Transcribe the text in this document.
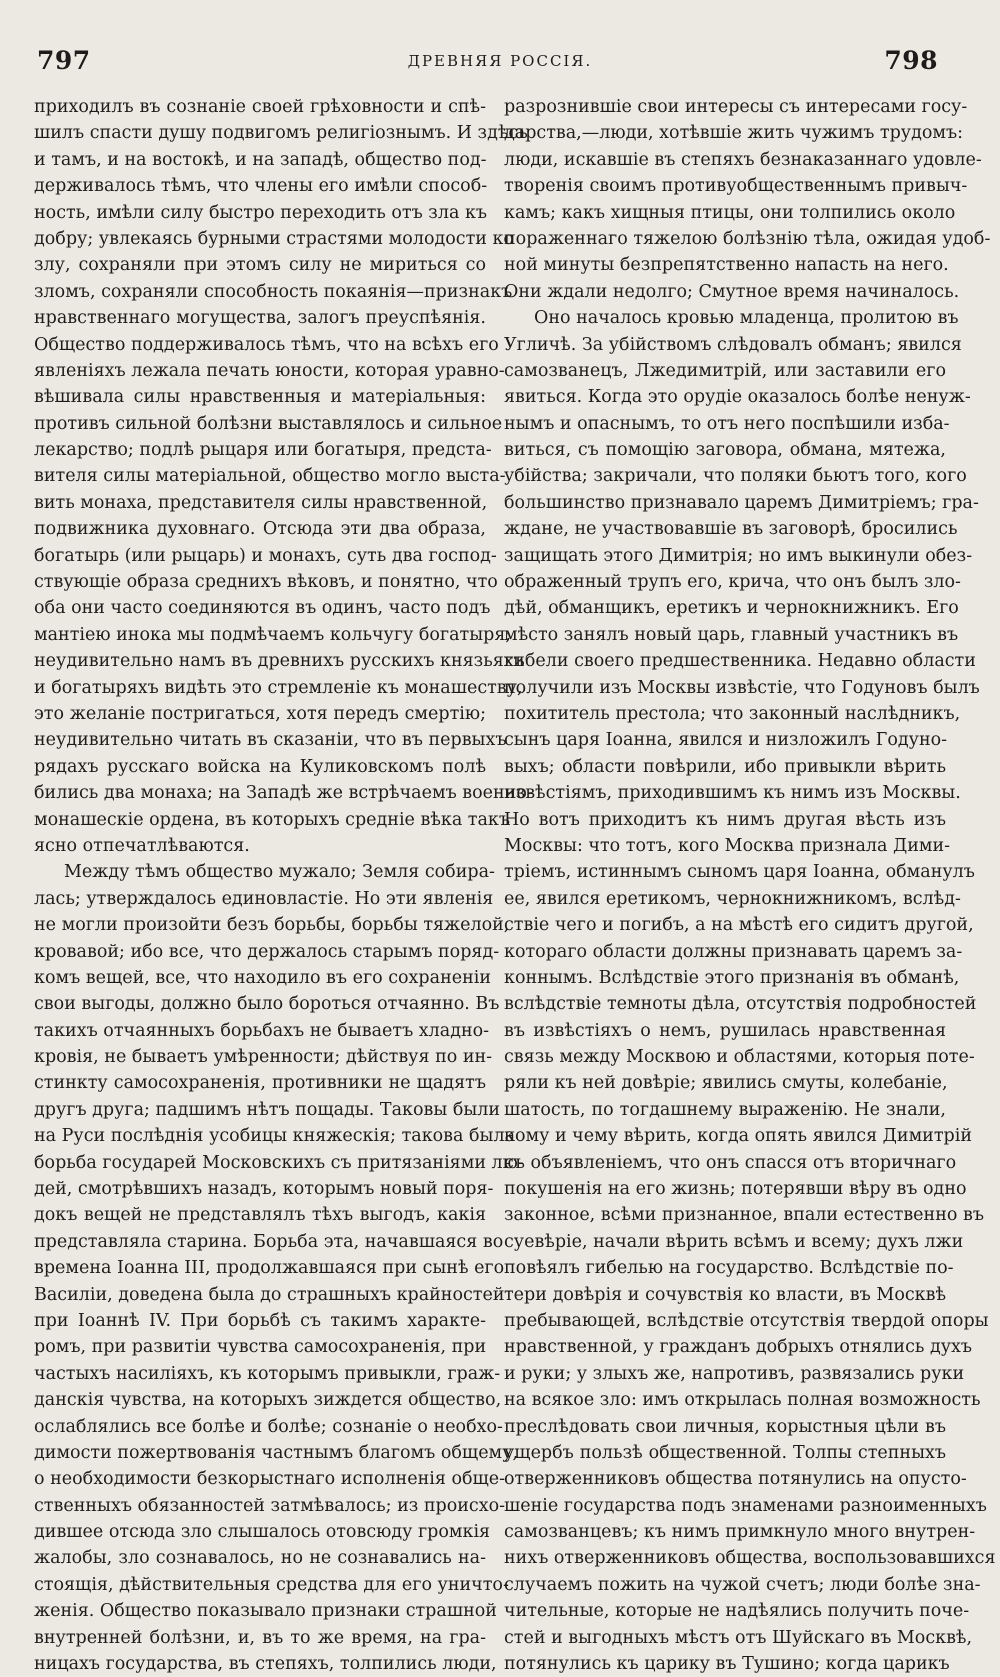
797	ДРЕВНЯЯ РОССІЯ.	798
приходилъ въ сознаніе своей грѣховности и спѣ-
шилъ спасти душу подвигомъ религіознымъ. И здѣсь
и тамъ, и на востокѣ, и на западѣ, общество под-
держивалось тѣмъ, что члены его имѣли способ-
ность, имѣли силу быстро переходить отъ зла къ
добру; увлекаясь бурными страстями молодости ко
злу, сохраняли при этомъ силу не мириться со
зломъ, сохраняли способность покаянія—признакъ
нравственнаго могущества, залогъ преуспѣянія.
Общество поддерживалось тѣмъ, что на всѣхъ его
явленіяхъ лежала печать юности, которая уравно-
вѣшивала силы нравственныя и матеріальныя:
противъ сильной болѣзни выставлялось и сильное
лекарство; подлѣ рыцаря или богатыря, предста-
вителя силы матеріальной, общество могло выста-
вить монаха, представителя силы нравственной,
подвижника духовнаго. Отсюда эти два образа,
богатырь (или рыцарь) и монахъ, суть два господ-
ствующіе образа среднихъ вѣковъ, и понятно, что
оба они часто соединяются въ одинъ, часто подъ
мантіею инока мы подмѣчаемъ кольчугу богатыря;
неудивительно намъ въ древнихъ русскихъ князьяхъ
и богатыряхъ видѣть это стремленіе къ монашеству,
это желаніе постригаться, хотя передъ смертію;
неудивительно читать въ сказаніи, что въ первыхъ
рядахъ русскаго войска на Куликовскомъ полѣ
бились два монаха; на Западѣ же встрѣчаемъ военно-
монашескіе ордена, въ которыхъ средніе вѣка такъ
ясно отпечатлѣваются.
Между тѣмъ общество мужало; Земля собира-
лась; утверждалось единовластіе. Но эти явленія
не могли произойти безъ борьбы, борьбы тяжелой,
кровавой; ибо все, что держалось старымъ поряд-
комъ вещей, все, что находило въ его сохраненіи
свои выгоды, должно было бороться отчаянно. Въ
такихъ отчаянныхъ борьбахъ не бываетъ хладно-
кровія, не бываетъ умѣренности; дѣйствуя по ин-
стинкту самосохраненія, противники не щадятъ
другъ друга; падшимъ нѣтъ пощады. Таковы были
на Руси послѣднія усобицы княжескія; такова была
борьба государей Московскихъ съ притязаніями лю-
дей, смотрѣвшихъ назадъ, которымъ новый поря-
докъ вещей не представлялъ тѣхъ выгодъ, какія
представляла старина. Борьба эта, начавшаяся во
времена Іоанна III, продолжавшаяся при сынѣ его
Василіи, доведена была до страшныхъ крайностей
при Іоаннѣ IV. При борьбѣ съ такимъ характе-
ромъ, при развитіи чувства самосохраненія, при
частыхъ насиліяхъ, къ которымъ привыкли, граж-
данскія чувства, на которыхъ зиждется общество,
ослаблялись все болѣе и болѣе; сознаніе о необхо-
димости пожертвованія частнымъ благомъ общему,
о необходимости безкорыстнаго исполненія обще-
ственныхъ обязанностей затмѣвалось; из происхо-
дившее отсюда зло слышалось отовсюду громкія
жалобы, зло сознавалось, но не сознавались на-
стоящія, дѣйствительныя средства для его уничто-
женія. Общество показывало признаки страшной
внутренней болѣзни, и, въ то же время, на гра-
ницахъ государства, въ степяхъ, толпились люди,
разрознившіе свои интересы съ интересами госу-
дарства,—люди, хотѣвшіе жить чужимъ трудомъ:
люди, искавшіе въ степяхъ безнаказаннаго удовле-
творенія своимъ противуобщественнымъ привыч-
камъ; какъ хищныя птицы, они толпились около
пораженнаго тяжелою болѣзнію тѣла, ожидая удоб-
ной минуты безпрепятственно напасть на него.
Они ждали недолго; Смутное время начиналось.
Оно началось кровью младенца, пролитою въ
Угличѣ. За убійствомъ слѣдовалъ обманъ; явился
самозванецъ, Лжедимитрій, или заставили его
явиться. Когда это орудіе оказалось болѣе ненуж-
нымъ и опаснымъ, то отъ него поспѣшили изба-
виться, съ помощію заговора, обмана, мятежа,
убійства; закричали, что поляки бьютъ того, кого
большинство признавало царемъ Димитріемъ; гра-
ждане, не участвовавшіе въ заговорѣ, бросились
защищать этого Димитрія; но имъ выкинули обез-
ображенный трупъ его, крича, что онъ былъ зло-
дѣй, обманщикъ, еретикъ и чернокнижникъ. Его
мѣсто занялъ новый царь, главный участникъ въ
гибели своего предшественника. Недавно области
получили изъ Москвы извѣстіе, что Годуновъ былъ
похититель престола; что законный наслѣдникъ,
сынъ царя Іоанна, явился и низложилъ Годуно-
выхъ; области повѣрили, ибо привыкли вѣрить
извѣстіямъ, приходившимъ къ нимъ изъ Москвы.
Но вотъ приходитъ къ нимъ другая вѣсть изъ
Москвы: что тотъ, кого Москва признала Дими-
тріемъ, истиннымъ сыномъ царя Іоанна, обманулъ
ее, явился еретикомъ, чернокнижникомъ, вслѣд-
ствіе чего и погибъ, а на мѣстѣ его сидитъ другой,
котораго области должны признавать царемъ за-
коннымъ. Вслѣдствіе этого признанія въ обманѣ,
вслѣдствіе темноты дѣла, отсутствія подробностей
въ извѣстіяхъ о немъ, рушилась нравственная
связь между Москвою и областями, которыя поте-
ряли къ ней довѣріе; явились смуты, колебаніе,
шатость, по тогдашнему выраженію. Не знали,
кому и чему вѣрить, когда опять явился Димитрій
съ объявленіемъ, что онъ спасся отъ вторичнаго
покушенія на его жизнь; потерявши вѣру въ одно
законное, всѣми признанное, впали естественно въ
суевѣріе, начали вѣрить всѣмъ и всему; духъ лжи
повѣялъ гибелью на государство. Вслѣдствіе по-
тери довѣрія и сочувствія ко власти, въ Москвѣ
пребывающей, вслѣдствіе отсутствія твердой опоры
нравственной, у гражданъ добрыхъ отнялись духъ
и руки; у злыхъ же, напротивъ, развязались руки
на всякое зло: имъ открылась полная возможность
преслѣдовать свои личныя, корыстныя цѣли въ
ущербъ пользѣ общественной. Толпы степныхъ
отверженниковъ общества потянулись на опусто-
шеніе государства подъ знаменами разноименныхъ
самозванцевъ; къ нимъ примкнуло много внутрен-
нихъ отверженниковъ общества, воспользовавшихся
случаемъ пожить на чужой счетъ; люди болѣе зна-
чительные, которые не надѣялись получить поче-
стей и выгодныхъ мѣстъ отъ Шуйскаго въ Москвѣ,
потянулись къ царику въ Тушино; когда царикъ
